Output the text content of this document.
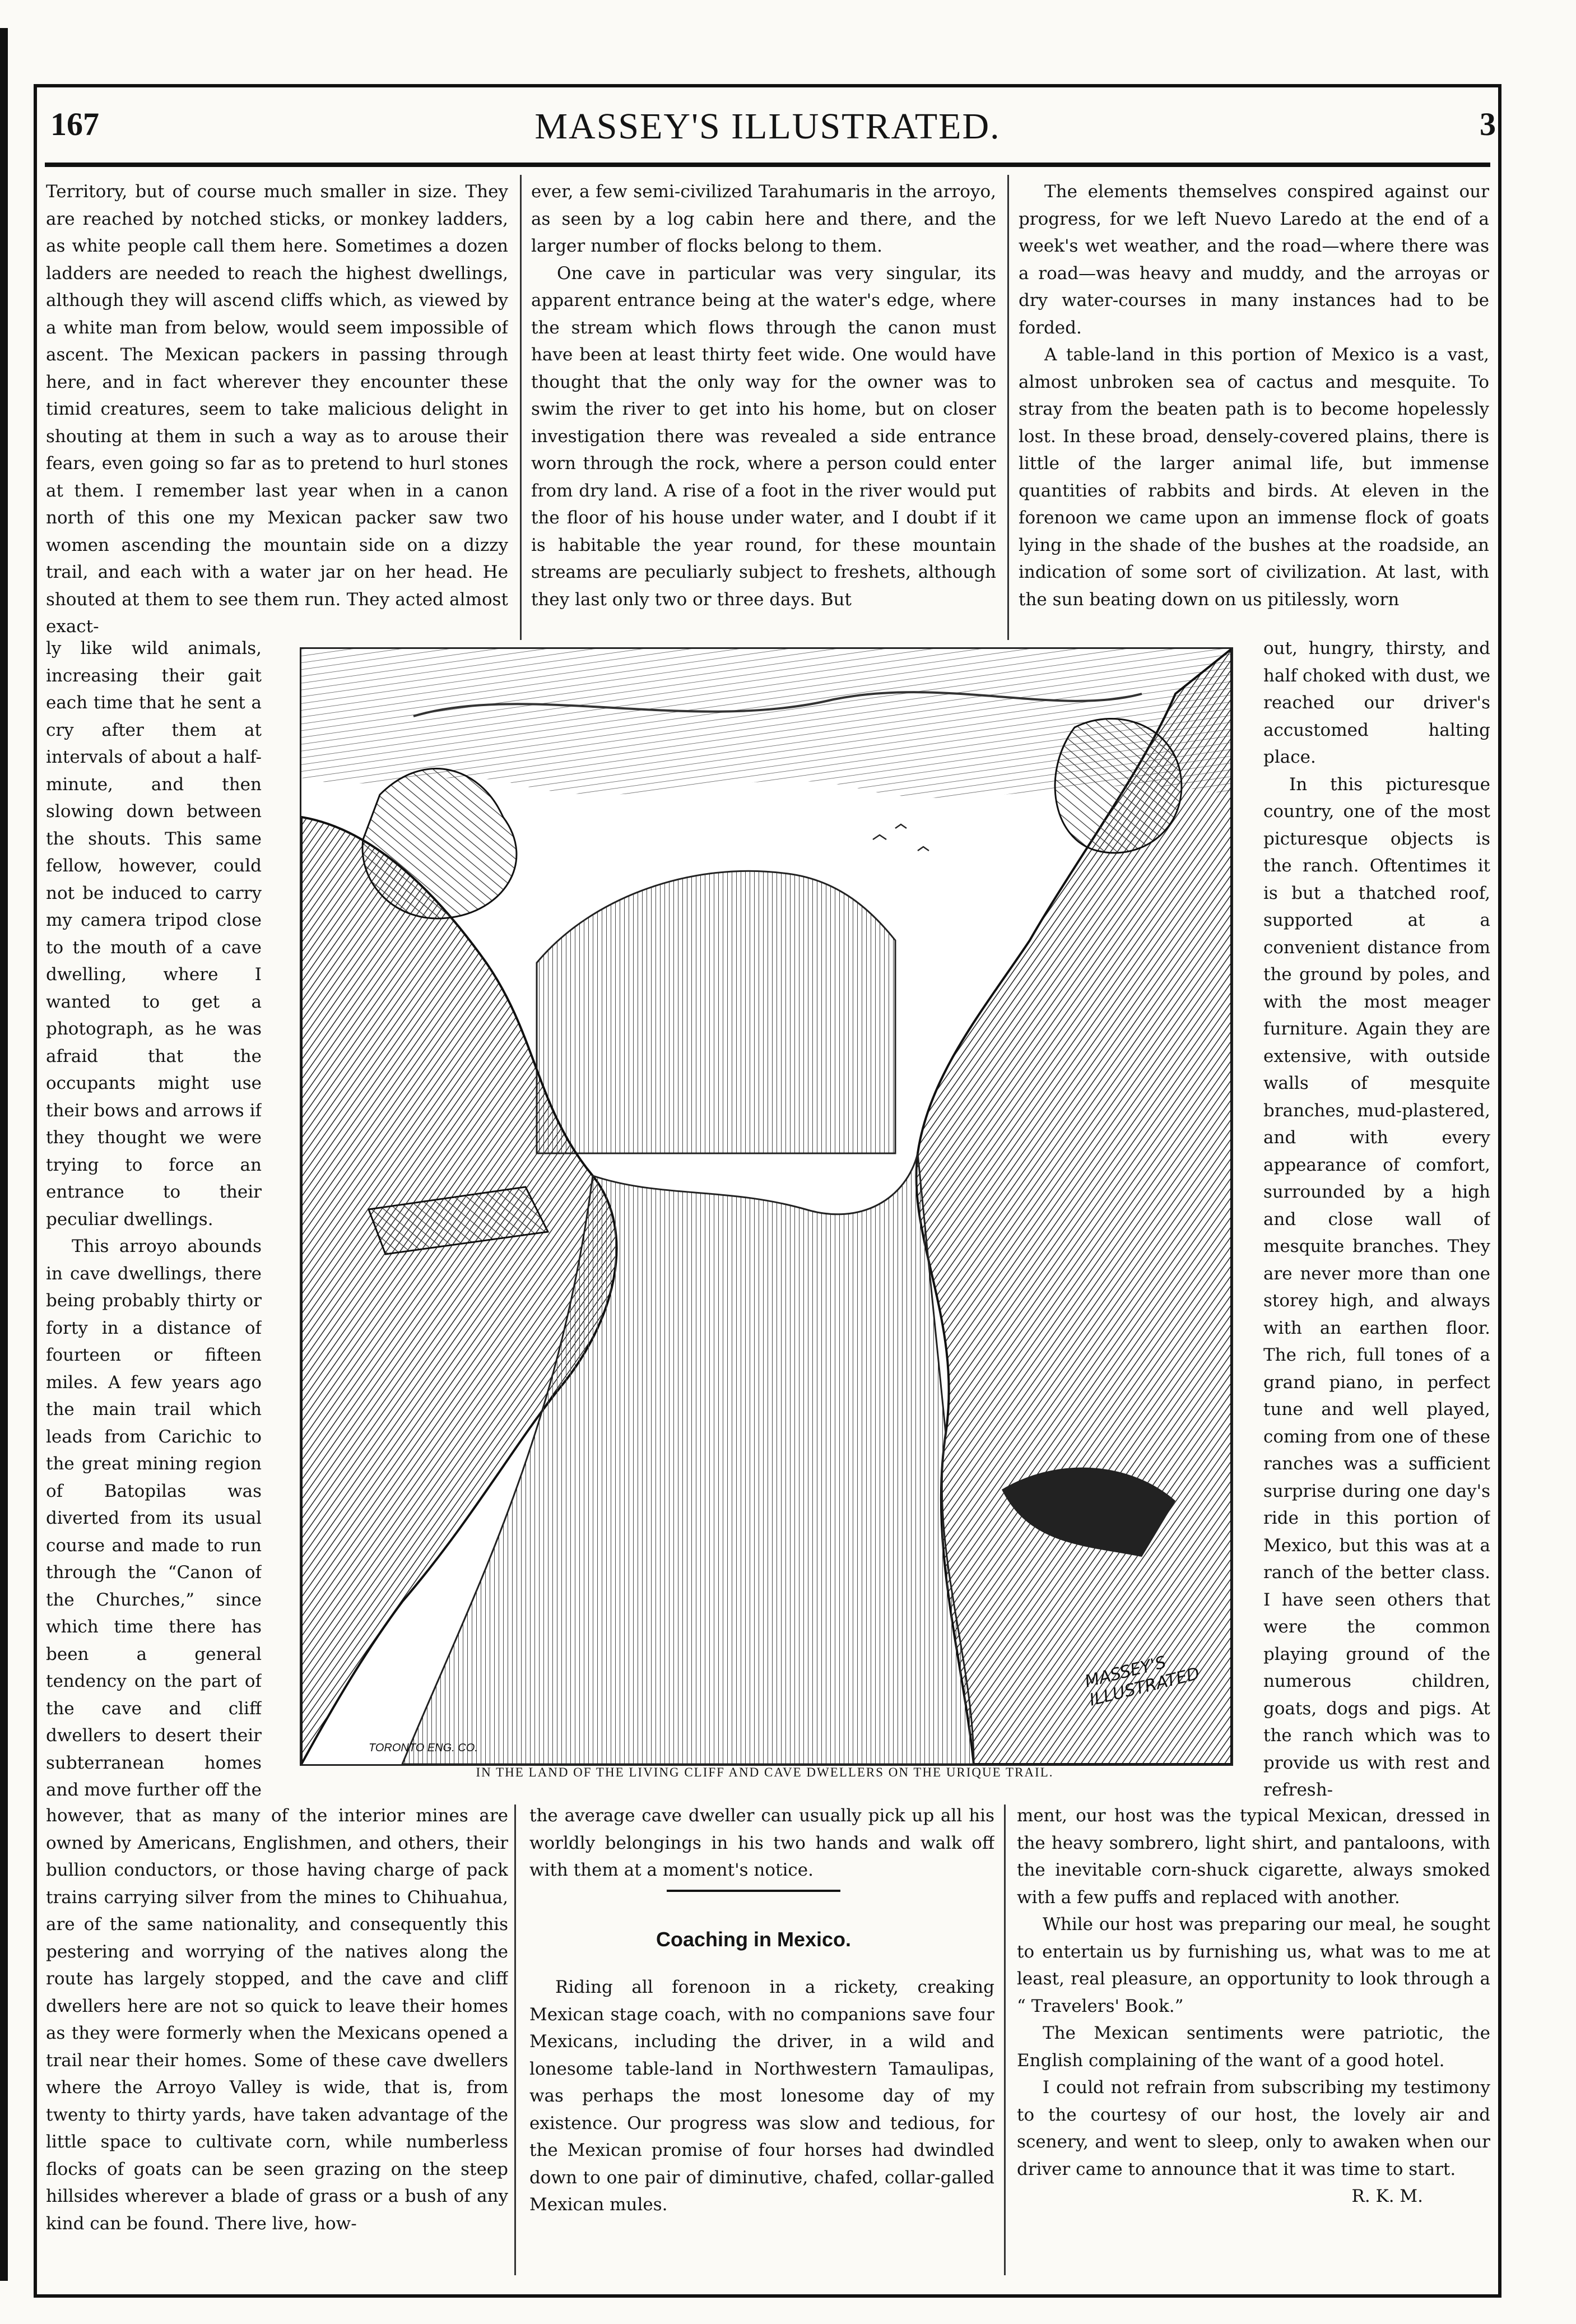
167	MASSEY'S ILLUSTRATED.	3

Territory, but of course much smaller in size. They are reached by notched sticks, or monkey ladders, as white people call them here. Sometimes a dozen ladders are needed to reach the highest dwellings, although they will ascend cliffs which, as viewed by a white man from below, would seem impossible of ascent. The Mexican packers in passing through here, and in fact wherever they encounter these timid creatures, seem to take malicious delight in shouting at them in such a way as to arouse their fears, even going so far as to pretend to hurl stones at them. I remember last year when in a canon north of this one my Mexican packer saw two women ascending the mountain side on a dizzy trail, and each with a water jar on her head. He shouted at them to see them run. They acted almost exact-

ly like wild animals, increasing their gait each time that he sent a cry after them at intervals of about a half-minute, and then slowing down between the shouts. This same fellow, however, could not be induced to carry my camera tripod close to the mouth of a cave dwelling, where I wanted to get a photograph, as he was afraid that the occupants might use their bows and arrows if they thought we were trying to force an entrance to their peculiar dwellings.

This arroyo abounds in cave dwellings, there being probably thirty or forty in a distance of fourteen or fifteen miles. A few years ago the main trail which leads from Carichic to the great mining region of Batopilas was diverted from its usual course and made to run through the “Canon of the Churches,” since which time there has been a general tendency on the part of the cave and cliff dwellers to desert their subterranean homes and move further off the

however, that as many of the interior mines are owned by Americans, Englishmen, and others, their bullion conductors, or those having charge of pack trains carrying silver from the mines to Chihuahua, are of the same nationality, and consequently this pestering and worrying of the natives along the route has largely stopped, and the cave and cliff dwellers here are not so quick to leave their homes as they were formerly when the Mexicans opened a trail near their homes. Some of these cave dwellers where the Arroyo Valley is wide, that is, from twenty to thirty yards, have taken advantage of the little space to cultivate corn, while numberless flocks of goats can be seen grazing on the steep hillsides wherever a blade of grass or a bush of any kind can be found. There live, how-

ever, a few semi-civilized Tarahumaris in the arroyo, as seen by a log cabin here and there, and the larger number of flocks belong to them.

One cave in particular was very singular, its apparent entrance being at the water's edge, where the stream which flows through the canon must have been at least thirty feet wide. One would have thought that the only way for the owner was to swim the river to get into his home, but on closer investigation there was revealed a side entrance worn through the rock, where a person could enter from dry land. A rise of a foot in the river would put the floor of his house under water, and I doubt if it is habitable the year round, for these mountain streams are peculiarly subject to freshets, although they last only two or three days. But

the average cave dweller can usually pick up all his worldly belongings in his two hands and walk off with them at a moment's notice.

Coaching in Mexico.

Riding all forenoon in a rickety, creaking Mexican stage coach, with no companions save four Mexicans, including the driver, in a wild and lonesome table-land in Northwestern Tamaulipas, was perhaps the most lonesome day of my existence. Our progress was slow and tedious, for the Mexican promise of four horses had dwindled down to one pair of diminutive, chafed, collar-galled Mexican mules.

The elements themselves conspired against our progress, for we left Nuevo Laredo at the end of a week's wet weather, and the road—where there was a road—was heavy and muddy, and the arroyas or dry water-courses in many instances had to be forded.

A table-land in this portion of Mexico is a vast, almost unbroken sea of cactus and mesquite. To stray from the beaten path is to become hopelessly lost. In these broad, densely-covered plains, there is little of the larger animal life, but immense quantities of rabbits and birds. At eleven in the forenoon we came upon an immense flock of goats lying in the shade of the bushes at the roadside, an indication of some sort of civilization. At last, with the sun beating down on us pitilessly, worn

out, hungry, thirsty, and half choked with dust, we reached our driver's accustomed halting place.

In this picturesque country, one of the most picturesque objects is the ranch. Oftentimes it is but a thatched roof, supported at a convenient distance from the ground by poles, and with the most meager furniture. Again they are extensive, with outside walls of mesquite branches, mud-plastered, and with every appearance of comfort, surrounded by a high and close wall of mesquite branches. They are never more than one storey high, and always with an earthen floor. The rich, full tones of a grand piano, in perfect tune and well played, coming from one of these ranches was a sufficient surprise during one day's ride in this portion of Mexico, but this was at a ranch of the better class. I have seen others that were the common playing ground of the numerous children, goats, dogs and pigs. At the ranch which was to provide us with rest and refresh-

ment, our host was the typical Mexican, dressed in the heavy sombrero, light shirt, and pantaloons, with the inevitable corn-shuck cigarette, always smoked with a few puffs and replaced with another.

While our host was preparing our meal, he sought to entertain us by furnishing us, what was to me at least, real pleasure, an opportunity to look through a “ Travelers' Book.”

The Mexican sentiments were patriotic, the English complaining of the want of a good hotel.

I could not refrain from subscribing my testimony to the courtesy of our host, the lovely air and scenery, and went to sleep, only to awaken when our driver came to announce that it was time to start.

R. K. M.

TORONTO ENG. CO.
MASSEY'S ILLUSTRATED
IN THE LAND OF THE LIVING CLIFF AND CAVE DWELLERS ON THE URIQUE TRAIL.
